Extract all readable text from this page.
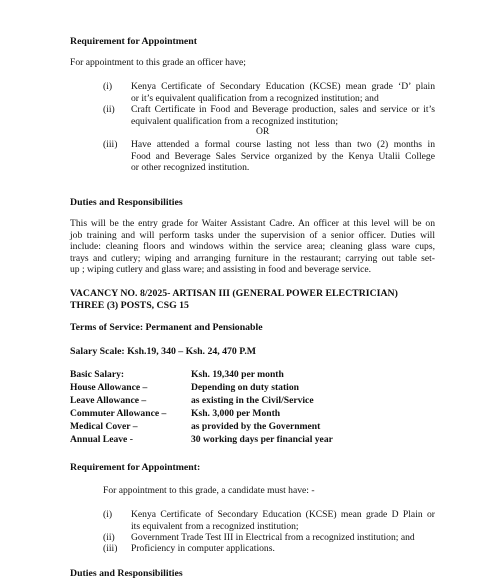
Requirement for Appointment
For appointment to this grade an officer have;
(i) Kenya Certificate of Secondary Education (KCSE) mean grade ‘D’ plain
or it’s equivalent qualification from a recognized institution; and
(ii) Craft Certificate in Food and Beverage production, sales and service or it’s
equivalent qualification from a recognized institution;
OR
(iii) Have attended a formal course lasting not less than two (2) months in
Food and Beverage Sales Service organized by the Kenya Utalii College
or other recognized institution.
Duties and Responsibilities
This will be the entry grade for Waiter Assistant Cadre. An officer at this level will be on
job training and will perform tasks under the supervision of a senior officer. Duties will
include: cleaning floors and windows within the service area; cleaning glass ware cups,
trays and cutlery; wiping and arranging furniture in the restaurant; carrying out table set-
up ; wiping cutlery and glass ware; and assisting in food and beverage service.
VACANCY NO. 8/2025- ARTISAN III (GENERAL POWER ELECTRICIAN)
THREE (3) POSTS, CSG 15
Terms of Service: Permanent and Pensionable
Salary Scale: Ksh.19, 340 – Ksh. 24, 470 P.M
Basic Salary:	Ksh. 19,340 per month
House Allowance –	Depending on duty station
Leave Allowance –	as existing in the Civil/Service
Commuter Allowance –	Ksh. 3,000 per Month
Medical Cover –	as provided by the Government
Annual Leave -	30 working days per financial year
Requirement for Appointment:
For appointment to this grade, a candidate must have: -
(i) Kenya Certificate of Secondary Education (KCSE) mean grade D Plain or
its equivalent from a recognized institution;
(ii) Government Trade Test III in Electrical from a recognized institution; and
(iii) Proficiency in computer applications.
Duties and Responsibilities
